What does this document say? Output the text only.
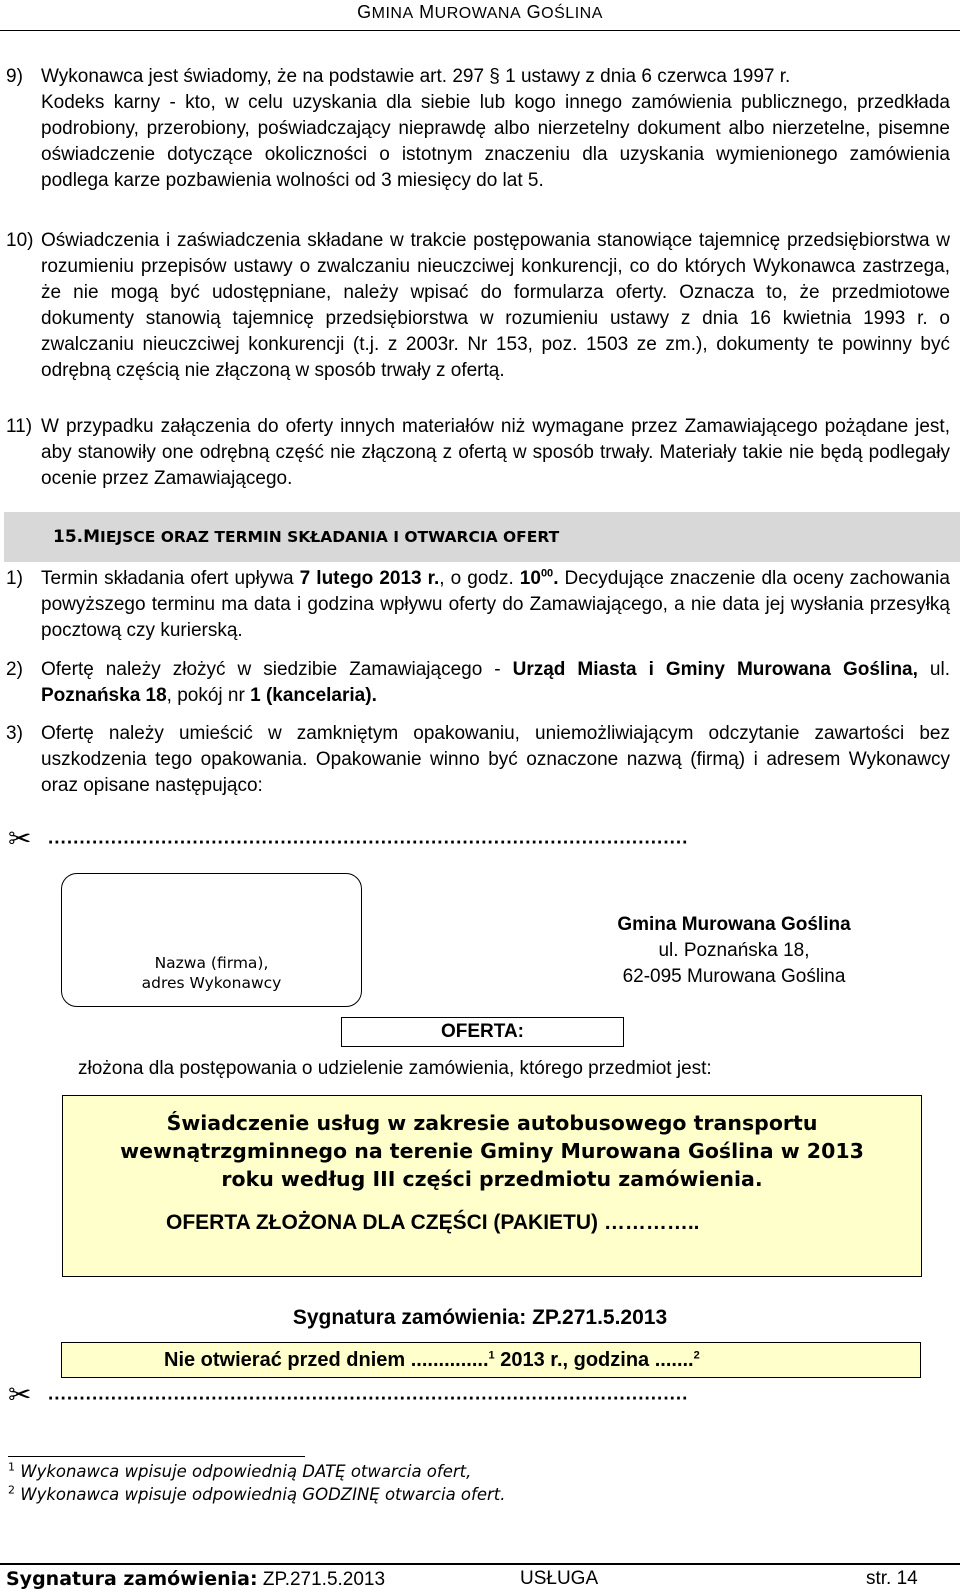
GMINA MUROWANA GOŚLINA
9) Wykonawca jest świadomy, że na podstawie art. 297 § 1 ustawy z dnia 6 czerwca 1997 r.
Kodeks karny - kto, w celu uzyskania dla siebie lub kogo innego zamówienia publicznego, przedkłada podrobiony, przerobiony, poświadczający nieprawdę albo nierzetelny dokument albo nierzetelne, pisemne oświadczenie dotyczące okoliczności o istotnym znaczeniu dla uzyskania wymienionego zamówienia podlega karze pozbawienia wolności od 3 miesięcy do lat 5.
10) Oświadczenia i zaświadczenia składane w trakcie postępowania stanowiące tajemnicę przedsiębiorstwa w rozumieniu przepisów ustawy o zwalczaniu nieuczciwej konkurencji, co do których Wykonawca zastrzega, że nie mogą być udostępniane, należy wpisać do formularza oferty. Oznacza to, że przedmiotowe dokumenty stanowią tajemnicę przedsiębiorstwa w rozumieniu ustawy z dnia 16 kwietnia 1993 r. o zwalczaniu nieuczciwej konkurencji (t.j. z 2003r. Nr 153, poz. 1503 ze zm.), dokumenty te powinny być odrębną częścią nie złączoną w sposób trwały z ofertą.
11) W przypadku załączenia do oferty innych materiałów niż wymagane przez Zamawiającego pożądane jest, aby stanowiły one odrębną część nie złączoną z ofertą w sposób trwały. Materiały takie nie będą podlegały ocenie przez Zamawiającego.
15.MIEJSCE ORAZ TERMIN SKŁADANIA I OTWARCIA OFERT
1) Termin składania ofert upływa 7 lutego 2013 r., o godz. $10^{00}$. Decydujące znaczenie dla oceny zachowania powyższego terminu ma data i godzina wpływu oferty do Zamawiającego, a nie data jej wysłania przesyłką pocztową czy kurierską.
2) Ofertę należy złożyć w siedzibie Zamawiającego - Urząd Miasta i Gminy Murowana Goślina, ul. Poznańska 18, pokój nr 1 (kancelaria).
3) Ofertę należy umieścić w zamkniętym opakowaniu, uniemożliwiającym odczytanie zawartości bez uszkodzenia tego opakowania. Opakowanie winno być oznaczone nazwą (firmą) i adresem Wykonawcy oraz opisane następująco:
✂ ......................................................................................................
Nazwa (firma),
adres Wykonawcy
Gmina Murowana Goślina
ul. Poznańska 18,
62-095 Murowana Goślina
OFERTA:
złożona dla postępowania o udzielenie zamówienia, którego przedmiot jest:
Świadczenie usług w zakresie autobusowego transportu
wewnątrzgminnego na terenie Gminy Murowana Goślina w 2013
roku według III części przedmiotu zamówienia.
OFERTA ZŁOŻONA DLA CZĘŚCI (PAKIETU) …………..
Sygnatura zamówienia: ZP.271.5.2013
Nie otwierać przed dniem ..............$^1$ 2013 r., godzina .......$^2$
✂ ......................................................................................................
$^1$ Wykonawca wpisuje odpowiednią DATĘ otwarcia ofert,
$^2$ Wykonawca wpisuje odpowiednią GODZINĘ otwarcia ofert.
Sygnatura zamówienia: ZP.271.5.2013	USŁUGA	str. 14
